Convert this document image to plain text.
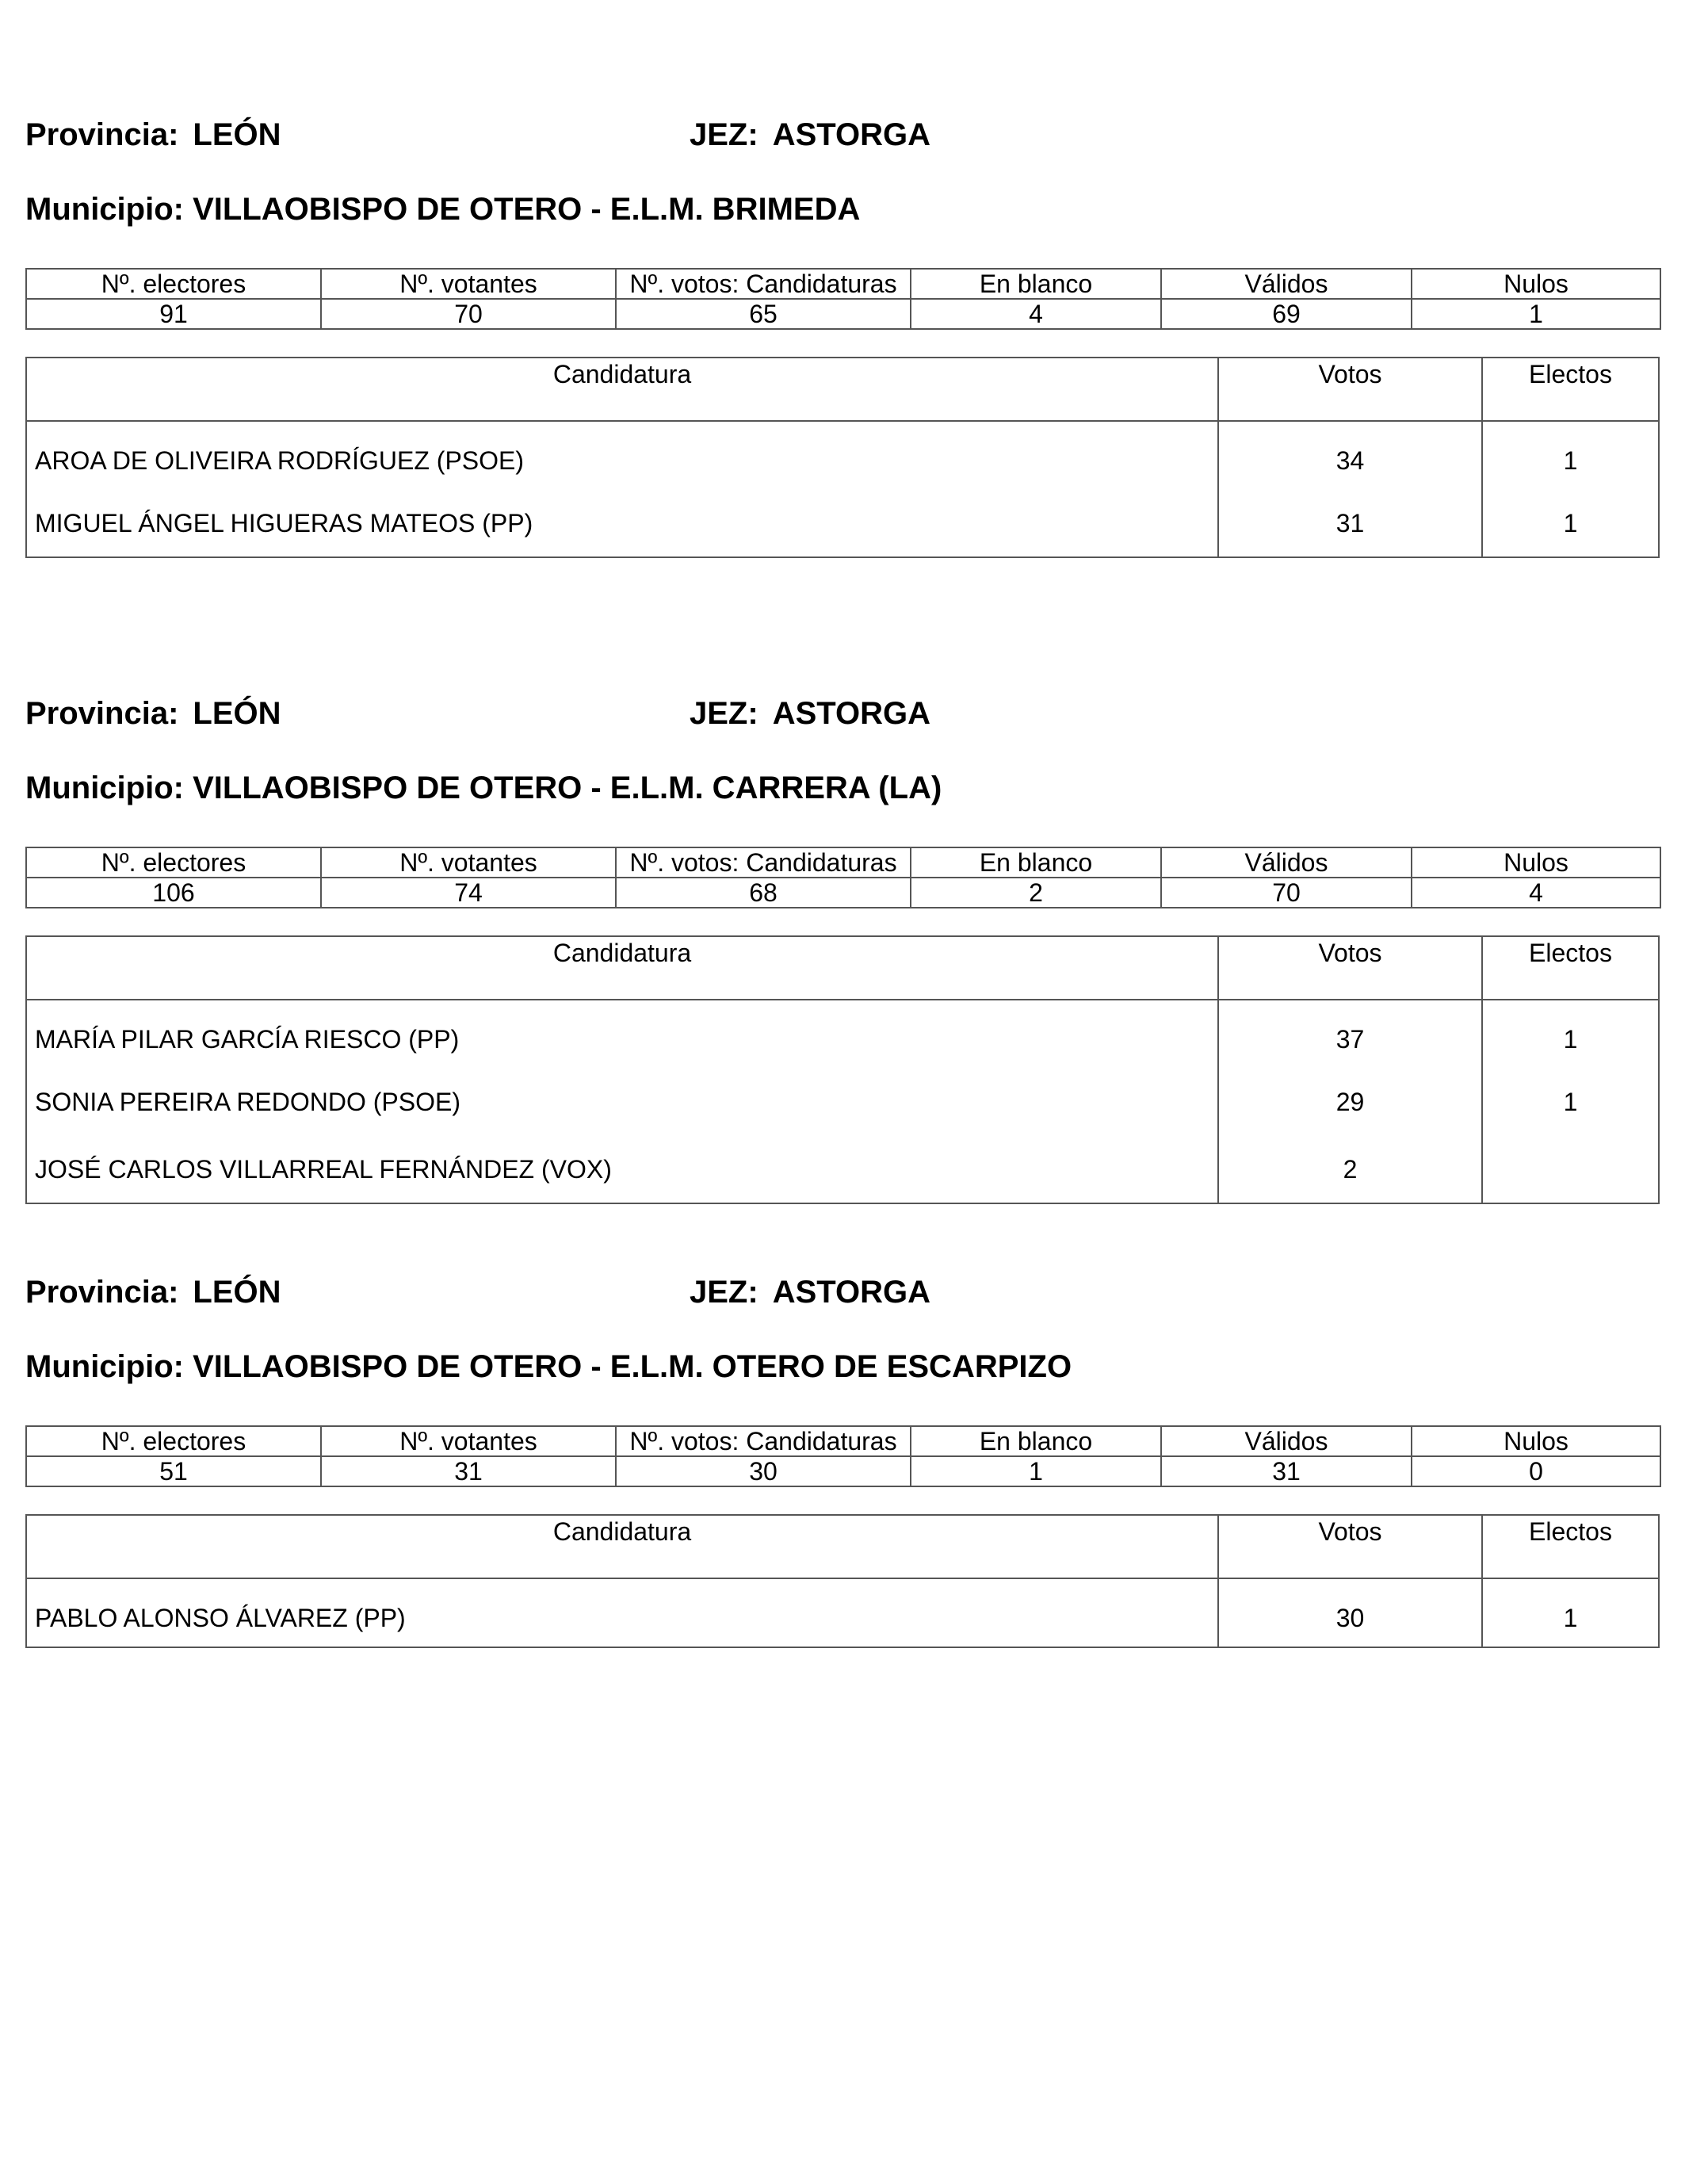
Provincia: LEÓN	JEZ: ASTORGA
Municipio: VILLAOBISPO DE OTERO - E.L.M. BRIMEDA
Nº. electores	Nº. votantes	Nº. votos: Candidaturas	En blanco	Válidos	Nulos
91	70	65	4	69	1
Candidatura	Votos	Electos
AROA DE OLIVEIRA RODRÍGUEZ (PSOE)	34	1
MIGUEL ÁNGEL HIGUERAS MATEOS (PP)	31	1
Provincia: LEÓN	JEZ: ASTORGA
Municipio: VILLAOBISPO DE OTERO - E.L.M. CARRERA (LA)
Nº. electores	Nº. votantes	Nº. votos: Candidaturas	En blanco	Válidos	Nulos
106	74	68	2	70	4
Candidatura	Votos	Electos
MARÍA PILAR GARCÍA RIESCO (PP)	37	1
SONIA PEREIRA REDONDO (PSOE)	29	1
JOSÉ CARLOS VILLARREAL FERNÁNDEZ (VOX)	2	
Provincia: LEÓN	JEZ: ASTORGA
Municipio: VILLAOBISPO DE OTERO - E.L.M. OTERO DE ESCARPIZO
Nº. electores	Nº. votantes	Nº. votos: Candidaturas	En blanco	Válidos	Nulos
51	31	30	1	31	0
Candidatura	Votos	Electos
PABLO ALONSO ÁLVAREZ (PP)	30	1
